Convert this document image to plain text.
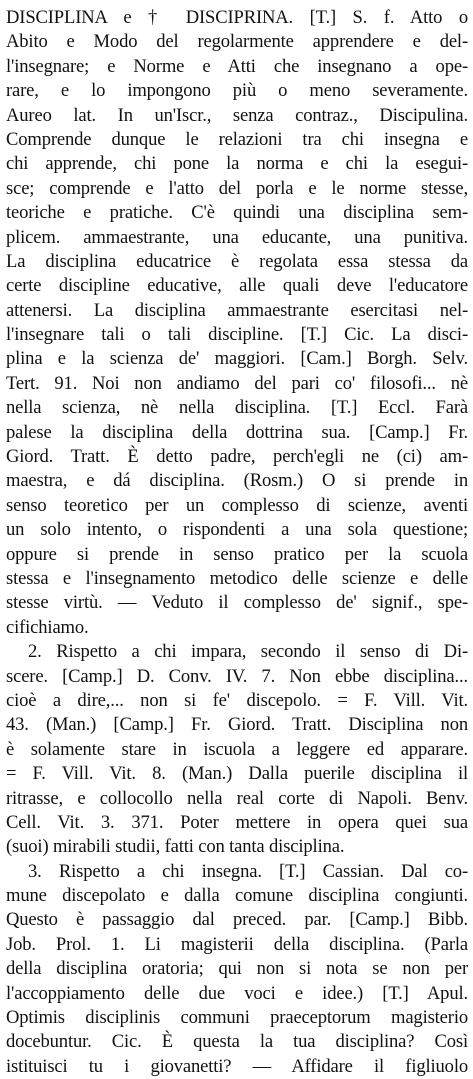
DISCIPLINA e † DISCIPRINA. [T.] S. f. Atto o
Abito e Modo del regolarmente apprendere e del-
l'insegnare; e Norme e Atti che insegnano a ope-
rare, e lo impongono più o meno severamente.
Aureo lat. In un'Iscr., senza contraz., Discipulina.
Comprende dunque le relazioni tra chi insegna e
chi apprende, chi pone la norma e chi la esegui-
sce; comprende e l'atto del porla e le norme stesse,
teoriche e pratiche. C'è quindi una disciplina sem-
plicem. ammaestrante, una educante, una punitiva.
La disciplina educatrice è regolata essa stessa da
certe discipline educative, alle quali deve l'educatore
attenersi. La disciplina ammaestrante esercitasi nel-
l'insegnare tali o tali discipline. [T.] Cic. La disci-
plina e la scienza de' maggiori. [Cam.] Borgh. Selv.
Tert. 91. Noi non andiamo del pari co' filosofi... nè
nella scienza, nè nella disciplina. [T.] Eccl. Farà
palese la disciplina della dottrina sua. [Camp.] Fr.
Giord. Tratt. È detto padre, perch'egli ne (ci) am-
maestra, e dá disciplina. (Rosm.) O si prende in
senso teoretico per un complesso di scienze, aventi
un solo intento, o rispondenti a una sola questione;
oppure si prende in senso pratico per la scuola
stessa e l'insegnamento metodico delle scienze e delle
stesse virtù. — Veduto il complesso de' signif., spe-
cifichiamo.
2. Rispetto a chi impara, secondo il senso di Di-
scere. [Camp.] D. Conv. IV. 7. Non ebbe disciplina...
cioè a dire,... non si fe' discepolo. = F. Vill. Vit.
43. (Man.) [Camp.] Fr. Giord. Tratt. Disciplina non
è solamente stare in iscuola a leggere ed apparare.
= F. Vill. Vit. 8. (Man.) Dalla puerile disciplina il
ritrasse, e collocollo nella real corte di Napoli. Benv.
Cell. Vit. 3. 371. Poter mettere in opera quei sua
(suoi) mirabili studii, fatti con tanta disciplina.
3. Rispetto a chi insegna. [T.] Cassian. Dal co-
mune discepolato e dalla comune disciplina congiunti.
Questo è passaggio dal preced. par. [Camp.] Bibb.
Job. Prol. 1. Li magisterii della disciplina. (Parla
della disciplina oratoria; qui non si nota se non per
l'accoppiamento delle due voci e idee.) [T.] Apul.
Optimis disciplinis communi praeceptorum magisterio
docebuntur. Cic. È questa la tua disciplina? Così
istituisci tu i giovanetti? — Affidare il figliuolo
